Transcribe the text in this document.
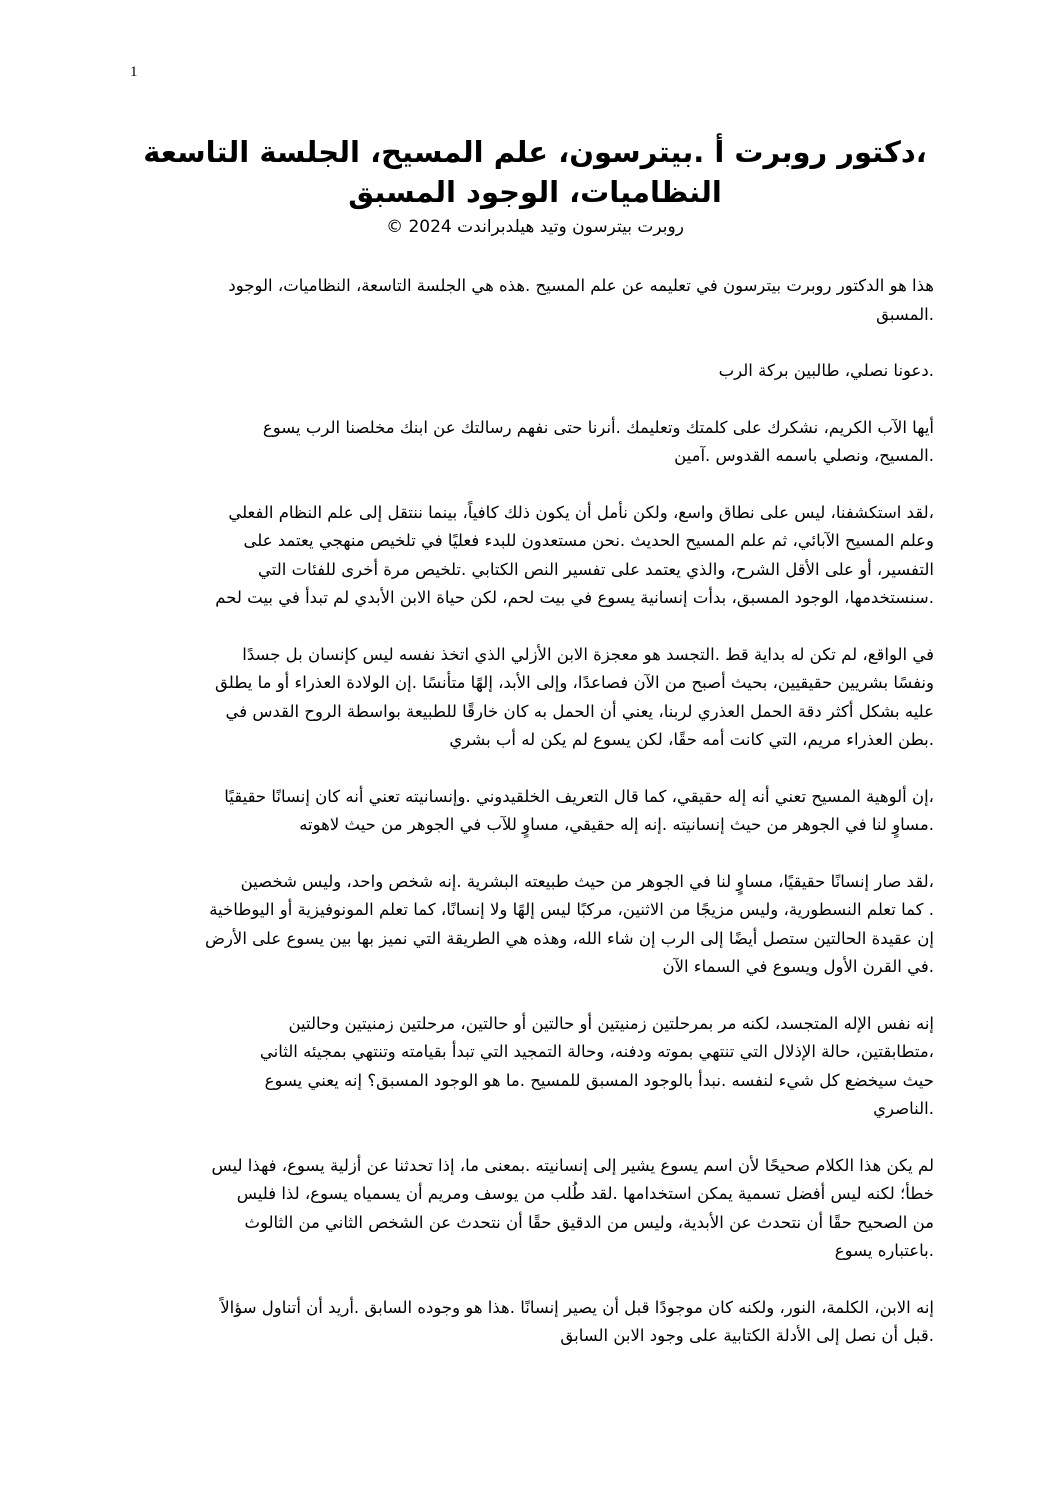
1
،دكتور روبرت أ .بيترسون، علم المسيح، الجلسة التاسعة
النظاميات، الوجود المسبق
روبرت بيترسون وتيد هيلدبراندت 2024 ©
هذا هو الدكتور روبرت بيترسون في تعليمه عن علم المسيح .هذه هي الجلسة التاسعة، النظاميات، الوجود
.المسبق
.دعونا نصلي، طالبين بركة الرب
أيها الآب الكريم، نشكرك على كلمتك وتعليمك .أنرنا حتى نفهم رسالتك عن ابنك مخلصنا الرب يسوع
.المسيح، ونصلي باسمه القدوس .آمين
،لقد استكشفنا، ليس على نطاق واسع، ولكن نأمل أن يكون ذلك كافياً، بينما ننتقل إلى علم النظام الفعلي
وعلم المسيح الآبائي، ثم علم المسيح الحديث .نحن مستعدون للبدء فعليًا في تلخيص منهجي يعتمد على
التفسير، أو على الأقل الشرح، والذي يعتمد على تفسير النص الكتابي .تلخيص مرة أخرى للفئات التي
.سنستخدمها، الوجود المسبق، بدأت إنسانية يسوع في بيت لحم، لكن حياة الابن الأبدي لم تبدأ في بيت لحم
في الواقع، لم تكن له بداية قط .التجسد هو معجزة الابن الأزلي الذي اتخذ نفسه ليس كإنسان بل جسدًا
ونفسًا بشريين حقيقيين، بحيث أصبح من الآن فصاعدًا، وإلى الأبد، إلهًا متأنسًا .إن الولادة العذراء أو ما يطلق
عليه بشكل أكثر دقة الحمل العذري لربنا، يعني أن الحمل به كان خارقًا للطبيعة بواسطة الروح القدس في
.بطن العذراء مريم، التي كانت أمه حقًا، لكن يسوع لم يكن له أب بشري
،إن ألوهية المسيح تعني أنه إله حقيقي، كما قال التعريف الخلقيدوني .وإنسانيته تعني أنه كان إنسانًا حقيقيًا
.مساوٍ لنا في الجوهر من حيث إنسانيته .إنه إله حقيقي، مساوٍ للآب في الجوهر من حيث لاهوته
،لقد صار إنسانًا حقيقيًا، مساوٍ لنا في الجوهر من حيث طبيعته البشرية .إنه شخص واحد، وليس شخصين
. كما تعلم النسطورية، وليس مزيجًا من الاثنين، مركبًا ليس إلهًا ولا إنسانًا، كما تعلم المونوفيزية أو اليوطاخية
إن عقيدة الحالتين ستصل أيضًا إلى الرب إن شاء الله، وهذه هي الطريقة التي نميز بها بين يسوع على الأرض
.في القرن الأول ويسوع في السماء الآن
إنه نفس الإله المتجسد، لكنه مر بمرحلتين زمنيتين أو حالتين أو حالتين، مرحلتين زمنيتين وحالتين
،متطابقتين، حالة الإذلال التي تنتهي بموته ودفنه، وحالة التمجيد التي تبدأ بقيامته وتنتهي بمجيئه الثاني
حيث سيخضع كل شيء لنفسه .نبدأ بالوجود المسبق للمسيح .ما هو الوجود المسبق؟ إنه يعني يسوع
.الناصري
لم يكن هذا الكلام صحيحًا لأن اسم يسوع يشير إلى إنسانيته .بمعنى ما، إذا تحدثنا عن أزلية يسوع، فهذا ليس
خطأ؛ لكنه ليس أفضل تسمية يمكن استخدامها .لقد طُلب من يوسف ومريم أن يسمياه يسوع، لذا فليس
من الصحيح حقًا أن نتحدث عن الأبدية، وليس من الدقيق حقًا أن نتحدث عن الشخص الثاني من الثالوث
.باعتباره يسوع
إنه الابن، الكلمة، النور، ولكنه كان موجودًا قبل أن يصير إنسانًا .هذا هو وجوده السابق .أريد أن أتناول سؤالاً
.قبل أن نصل إلى الأدلة الكتابية على وجود الابن السابق
